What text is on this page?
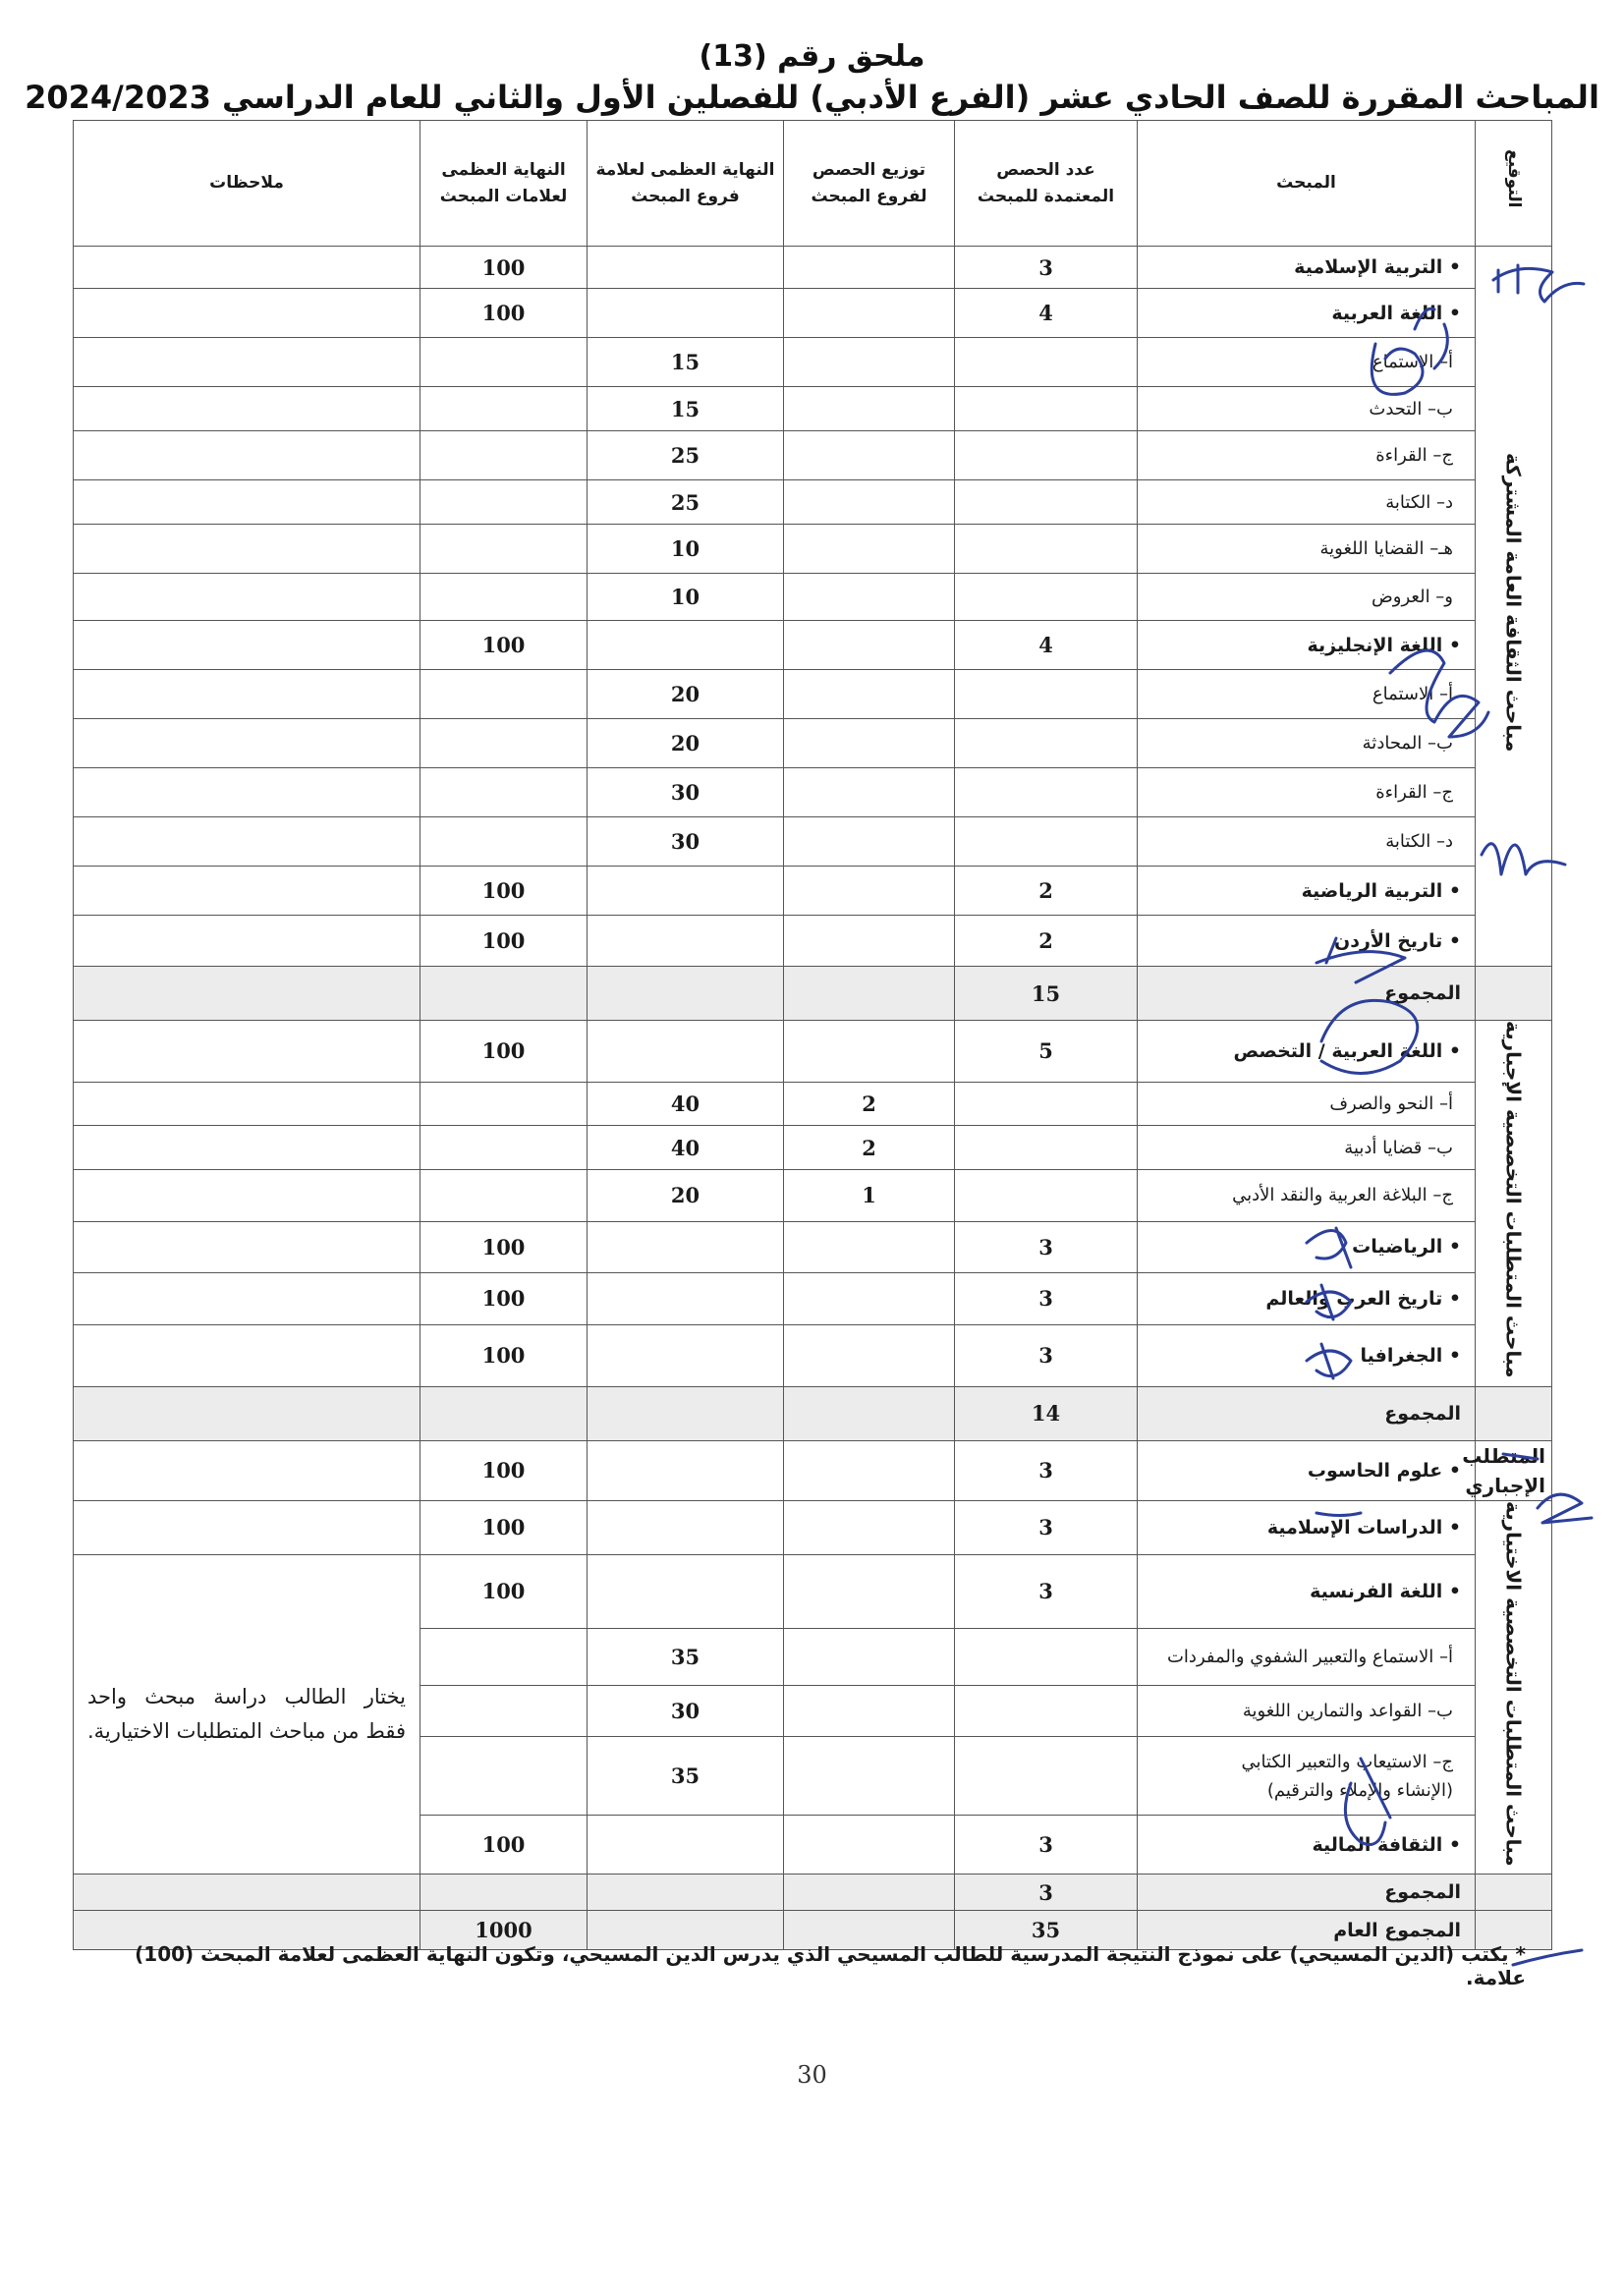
ملحق رقم (13)
المباحث المقررة للصف الحادي عشر (الفرع الأدبي) للفصلين الأول والثاني للعام الدراسي 2024/2023
التوقيع	المبحث	عدد الحصص المعتمدة للمبحث	توزيع الحصص لفروع المبحث	النهاية العظمى لعلامة فروع المبحث	النهاية العظمى لعلامات المبحث	ملاحظات
مباحث الثقافة العامة المشتركة	• التربية الإسلامية	3			100	

	• اللغة العربية	4			100	

	أ– الاستماع			15		

	ب– التحدث			15		

	ج– القراءة			25		

	د– الكتابة			25		

	هـ– القضايا اللغوية			10		

	و– العروض			10		

	• اللغة الإنجليزية	4			100	

	أ– الاستماع			20		

	ب– المحادثة			20		

	ج– القراءة			30		

	د– الكتابة			30		

	• التربية الرياضية	2			100	

	• تاريخ الأردن	2			100	

	المجموع	15				
مباحث المتطلبات التخصصية الإجبارية	• اللغة العربية / التخصص	5			100	

	أ– النحو والصرف		2	40		

	ب– قضايا أدبية		2	40		

	ج– البلاغة العربية والنقد الأدبي		1	20		

	• الرياضيات	3			100	

	• تاريخ العرب والعالم	3			100	

	• الجغرافيا	3			100	

	المجموع	14				
المتطلب الإجباري	• علوم الحاسوب	3			100	
مباحث المتطلبات التخصصية الاختيارية	• الدراسات الإسلامية	3			100	

	• اللغة الفرنسية	3			100	يختار الطالب دراسة مبحث واحد فقط من مباحث المتطلبات الاختيارية.

	أ– الاستماع والتعبير الشفوي والمفردات			35		

	ب– القواعد والتمارين اللغوية			30		

	ج– الاستيعاب والتعبير الكتابي
(الإنشاء والإملاء والترقيم)			35		

	• الثقافة المالية	3			100	

	المجموع	3				

	المجموع العام	35			1000	
* يكتب (الدين المسيحي) على نموذج النتيجة المدرسية للطالب المسيحي الذي يدرس الدين المسيحي، وتكون النهاية العظمى لعلامة المبحث (100) علامة.
30
